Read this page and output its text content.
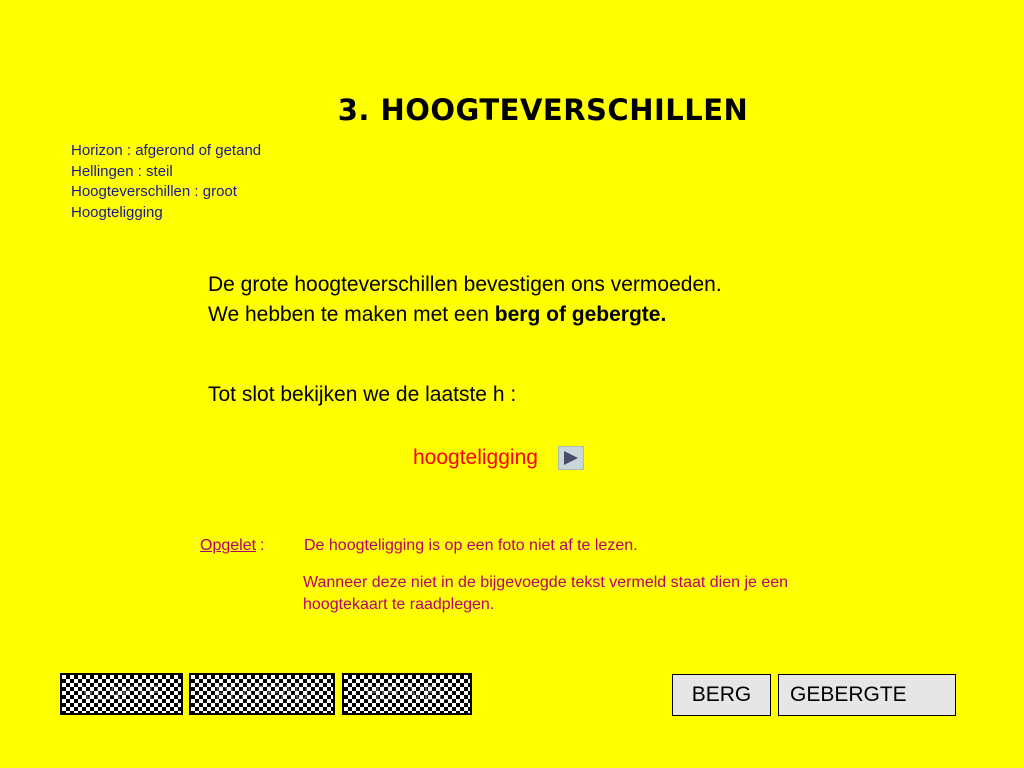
3. HOOGTEVERSCHILLEN
Horizon : afgerond of getand
Hellingen : steil
Hoogteverschillen : groot
Hoogteligging
De grote hoogteverschillen bevestigen ons vermoeden.
We hebben te maken met een berg of gebergte.
Tot slot bekijken we de laatste h :
hoogteligging
Opgelet : De hoogteligging is op een foto niet af te lezen.
Wanneer deze niet in de bijgevoegde tekst vermeld staat dien je een hoogtekaart te raadplegen.
VLAKTE	PLATEAU	HEUVEL	BERG GEBERGTE
